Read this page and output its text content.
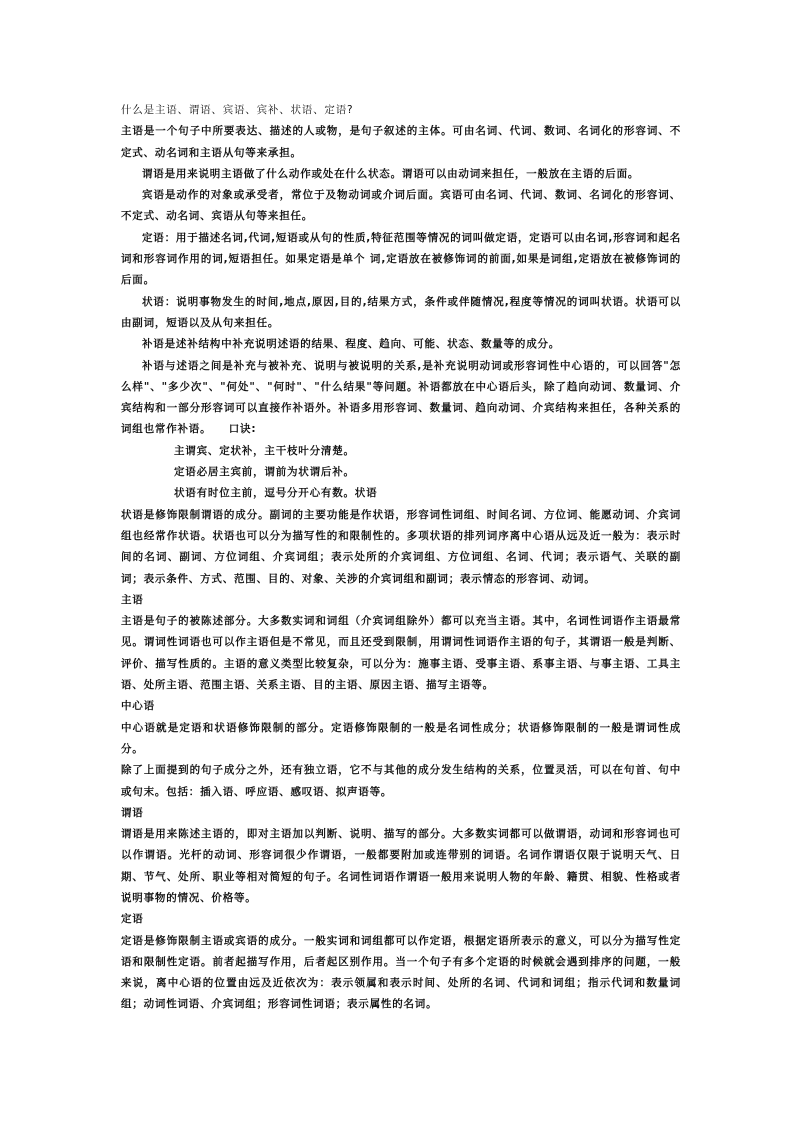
什么是主语、谓语、宾语、宾补、状语、定语?

主语是一个句子中所要表达、描述的人或物，是句子叙述的主体。可由名词、代词、数词、名词化的形容词、不定式、动名词和主语从句等来承担。

谓语是用来说明主语做了什么动作或处在什么状态。谓语可以由动词来担任，一般放在主语的后面。

宾语是动作的对象或承受者，常位于及物动词或介词后面。宾语可由名词、代词、数词、名词化的形容词、不定式、动名词、宾语从句等来担任。

定语：用于描述名词,代词,短语或从句的性质,特征范围等情况的词叫做定语，定语可以由名词,形容词和起名词和形容词作用的词,短语担任。如果定语是单个 词,定语放在被修饰词的前面,如果是词组,定语放在被修饰词的后面。

状语：说明事物发生的时间,地点,原因,目的,结果方式，条件或伴随情况,程度等情况的词叫状语。状语可以由副词，短语以及从句来担任。

补语是述补结构中补充说明述语的结果、程度、趋向、可能、状态、数量等的成分。

补语与述语之间是补充与被补充、说明与被说明的关系,是补充说明动词或形容词性中心语的，可以回答"怎么样"、"多少次"、"何处"、"何时"、"什么结果"等问题。补语都放在中心语后头，除了趋向动词、数量词、介宾结构和一部分形容词可以直接作补语外。补语多用形容词、数量词、趋向动词、介宾结构来担任，各种关系的词组也常作补语。　　口诀:

主谓宾、定状补，主干枝叶分清楚。

定语必居主宾前，谓前为状谓后补。

状语有时位主前，逗号分开心有数。状语

状语是修饰限制谓语的成分。副词的主要功能是作状语，形容词性词组、时间名词、方位词、能愿动词、介宾词组也经常作状语。状语也可以分为描写性的和限制性的。多项状语的排列词序离中心语从远及近一般为：表示时间的名词、副词、方位词组、介宾词组；表示处所的介宾词组、方位词组、名词、代词；表示语气、关联的副词；表示条件、方式、范围、目的、对象、关涉的介宾词组和副词；表示情态的形容词、动词。

主语

主语是句子的被陈述部分。大多数实词和词组（介宾词组除外）都可以充当主语。其中，名词性词语作主语最常见。谓词性词语也可以作主语但是不常见，而且还受到限制，用谓词性词语作主语的句子，其谓语一般是判断、评价、描写性质的。主语的意义类型比较复杂，可以分为：施事主语、受事主语、系事主语、与事主语、工具主语、处所主语、范围主语、关系主语、目的主语、原因主语、描写主语等。

中心语

中心语就是定语和状语修饰限制的部分。定语修饰限制的一般是名词性成分；状语修饰限制的一般是谓词性成分。

除了上面提到的句子成分之外，还有独立语，它不与其他的成分发生结构的关系，位置灵活，可以在句首、句中或句末。包括：插入语、呼应语、感叹语、拟声语等。

谓语

谓语是用来陈述主语的，即对主语加以判断、说明、描写的部分。大多数实词都可以做谓语，动词和形容词也可以作谓语。光杆的动词、形容词很少作谓语，一般都要附加或连带别的词语。名词作谓语仅限于说明天气、日期、节气、处所、职业等相对简短的句子。名词性词语作谓语一般用来说明人物的年龄、籍贯、相貌、性格或者说明事物的情况、价格等。

定语

定语是修饰限制主语或宾语的成分。一般实词和词组都可以作定语，根据定语所表示的意义，可以分为描写性定语和限制性定语。前者起描写作用，后者起区别作用。当一个句子有多个定语的时候就会遇到排序的问题，一般来说，离中心语的位置由远及近依次为：表示领属和表示时间、处所的名词、代词和词组；指示代词和数量词组；动词性词语、介宾词组；形容词性词语；表示属性的名词。
